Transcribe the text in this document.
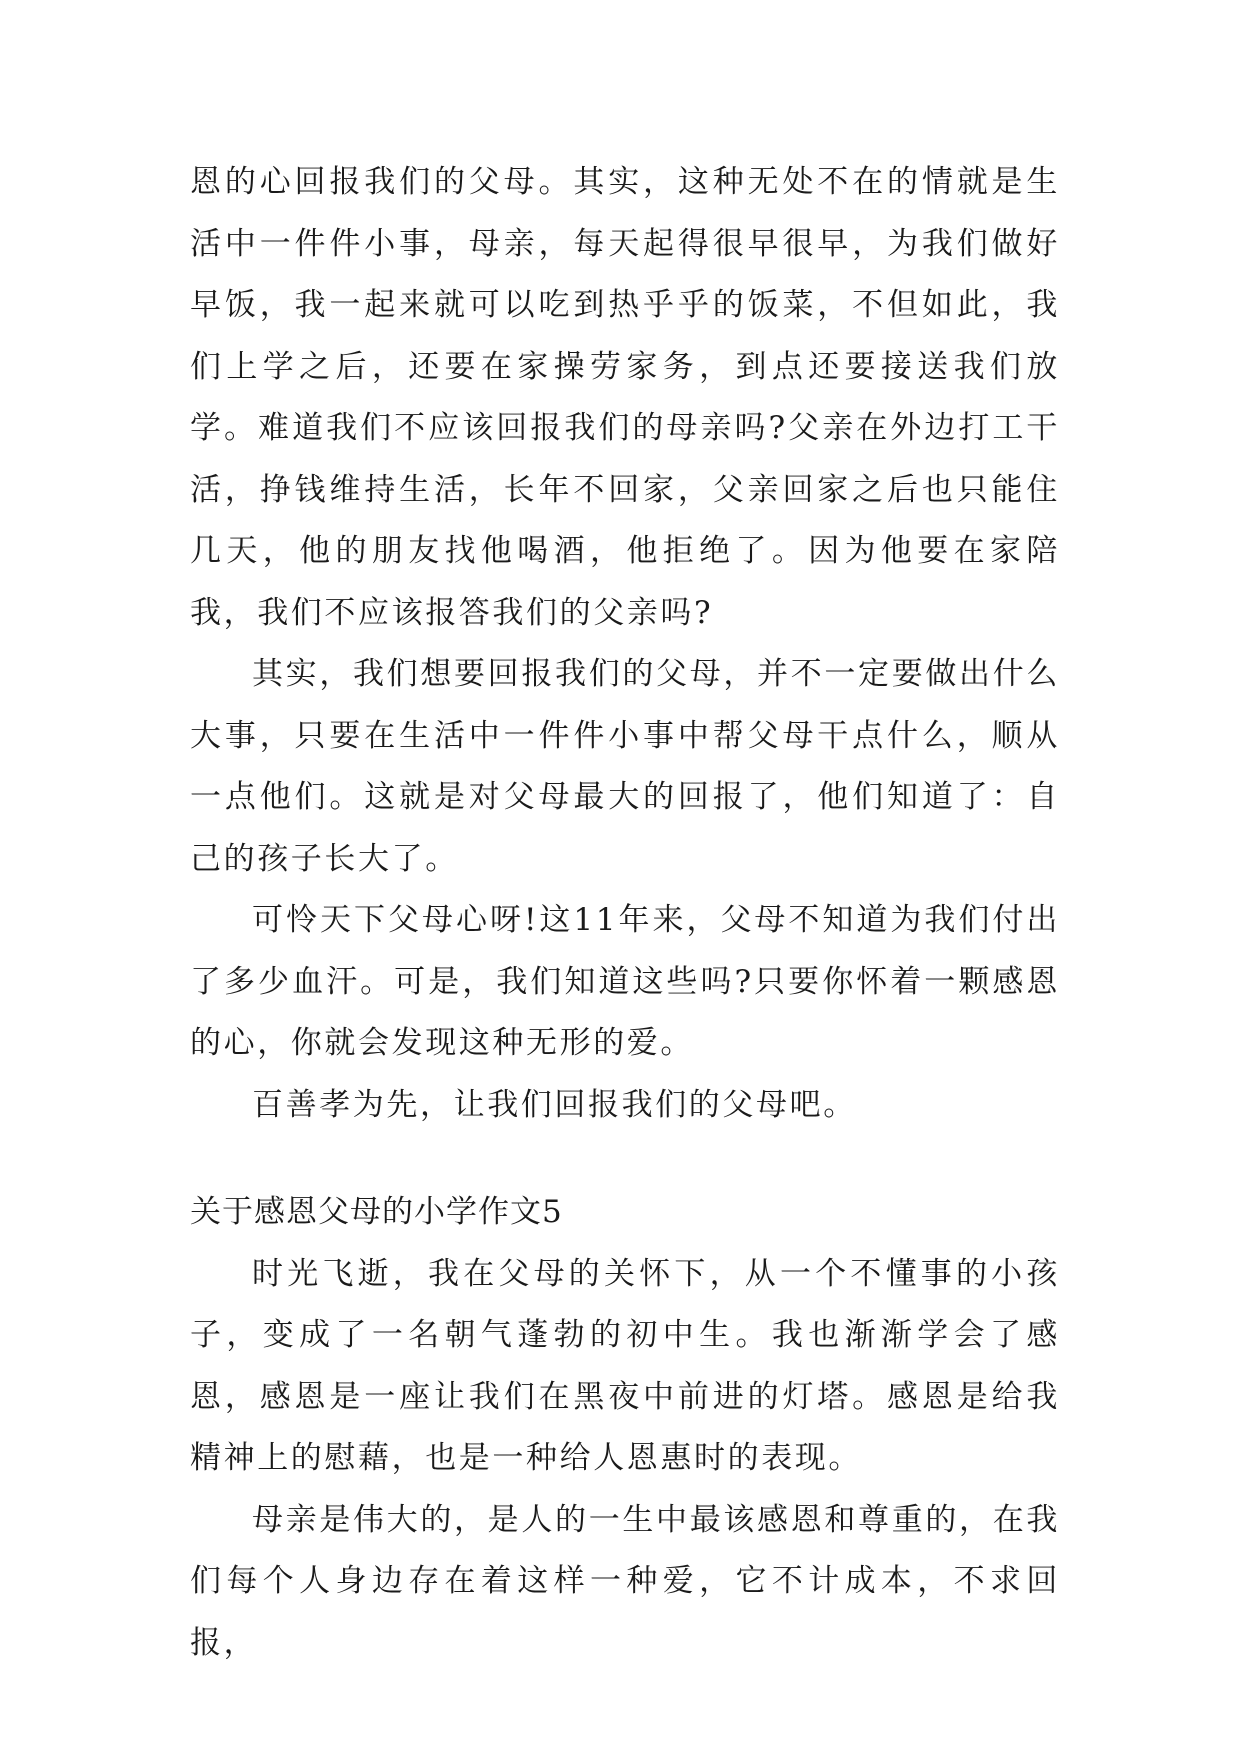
恩的心回报我们的父母。其实，这种无处不在的情就是生活中一件件小事，母亲，每天起得很早很早，为我们做好早饭，我一起来就可以吃到热乎乎的饭菜，不但如此，我们上学之后，还要在家操劳家务，到点还要接送我们放学。难道我们不应该回报我们的母亲吗?父亲在外边打工干活，挣钱维持生活，长年不回家，父亲回家之后也只能住几天，他的朋友找他喝酒，他拒绝了。因为他要在家陪我，我们不应该报答我们的父亲吗?

其实，我们想要回报我们的父母，并不一定要做出什么大事，只要在生活中一件件小事中帮父母干点什么，顺从一点他们。这就是对父母最大的回报了，他们知道了：自己的孩子长大了。

可怜天下父母心呀!这11年来，父母不知道为我们付出了多少血汗。可是，我们知道这些吗?只要你怀着一颗感恩的心，你就会发现这种无形的爱。

百善孝为先，让我们回报我们的父母吧。

关于感恩父母的小学作文5

时光飞逝，我在父母的关怀下，从一个不懂事的小孩子，变成了一名朝气蓬勃的初中生。我也渐渐学会了感恩，感恩是一座让我们在黑夜中前进的灯塔。感恩是给我精神上的慰藉，也是一种给人恩惠时的表现。

母亲是伟大的，是人的一生中最该感恩和尊重的，在我们每个人身边存在着这样一种爱，它不计成本，不求回报，
